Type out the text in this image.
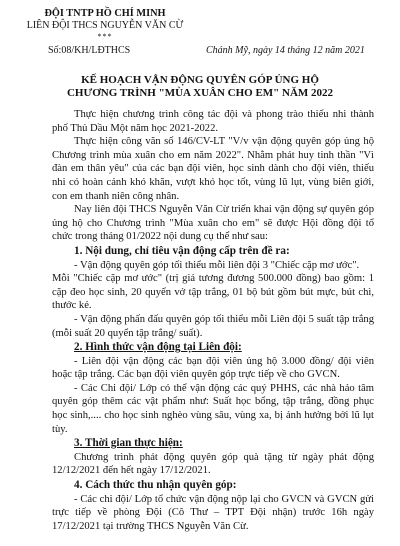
ĐỘI TNTP HỒ CHÍ MINH
LIÊN ĐỘI THCS NGUYỄN VĂN CỪ
***
Số:08/KH/LĐTHCS	Chánh Mỹ, ngày 14 tháng 12 năm 2021
KẾ HOẠCH VẬN ĐỘNG QUYÊN GÓP ỦNG HỘ
CHƯƠNG TRÌNH "MÙA XUÂN CHO EM" NĂM 2022

Thực hiện chương trình công tác đội và phong trào thiếu nhi thành phố Thủ Dầu Một năm học 2021-2022.

Thực hiện công văn số 146/CV-LT "V/v vận động quyên góp ủng hộ Chương trình mùa xuân cho em năm 2022". Nhằm phát huy tinh thần "Vì đàn em thân yêu" của các bạn đội viên, học sinh dành cho đội viên, thiếu nhi có hoàn cảnh khó khăn, vượt khó học tốt, vùng lũ lụt, vùng biên giới, con em thanh niên công nhân.

Nay liên đội THCS Nguyễn Văn Cừ triển khai vận động sự quyên góp ủng hộ cho Chương trình "Mùa xuân cho em" sẽ được Hội đồng đội tổ chức trong tháng 01/2022 nội dung cụ thể như sau:

1. Nội dung, chỉ tiêu vận động cấp trên đề ra:

- Vận động quyên góp tối thiểu mỗi liên đội 3 "Chiếc cặp mơ ước".

Mỗi "Chiếc cặp mơ ước" (trị giá tương đương 500.000 đồng) bao gồm: 1 cặp đeo học sinh, 20 quyển vở tập trắng, 01 bộ bút gồm bút mực, bút chì, thước kẻ.

- Vận động phấn đấu quyên góp tối thiểu mỗi Liên đội 5 suất tập trắng (mỗi suất 20 quyển tập trắng/ suất).

2. Hình thức vận động tại Liên đội:

- Liên đội vận động các bạn đội viên ủng hộ 3.000 đồng/ đội viên hoặc tập trắng. Các bạn đội viên quyên góp trực tiếp về cho GVCN.

- Các Chi đội/ Lớp có thể vận động các quý PHHS, các nhà hảo tâm quyên góp thêm các vật phẩm như: Suất học bổng, tập trắng, đồng phục học sinh,.... cho học sinh nghèo vùng sâu, vùng xa, bị ảnh hưởng bởi lũ lụt tùy.

3. Thời gian thực hiện:

Chương trình phát động quyên góp quà tặng từ ngày phát động 12/12/2021 đến hết ngày 17/12/2021.

4. Cách thức thu nhận quyên góp:

- Các chi đội/ Lớp tổ chức vận động nộp lại cho GVCN và GVCN gửi trực tiếp về phòng Đội (Cô Thư – TPT Đội nhận) trước 16h ngày 17/12/2021 tại trường THCS Nguyễn Văn Cừ.
